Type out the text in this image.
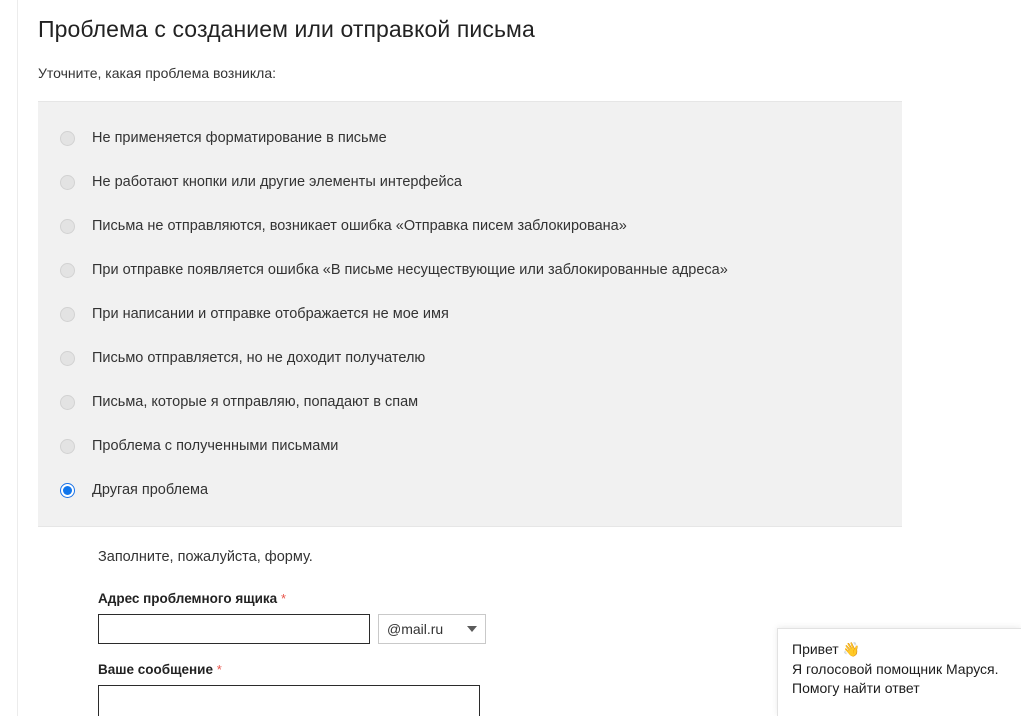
Проблема с созданием или отправкой письма
Уточните, какая проблема возникла:
Не применяется форматирование в письме
Не работают кнопки или другие элементы интерфейса
Письма не отправляются, возникает ошибка «Отправка писем заблокирована»
При отправке появляется ошибка «В письме несуществующие или заблокированные адреса»
При написании и отправке отображается не мое имя
Письмо отправляется, но не доходит получателю
Письма, которые я отправляю, попадают в спам
Проблема с полученными письмами
Другая проблема

Заполните, пожалуйста, форму.

Адрес проблемного ящика *
@mail.ru
Ваше сообщение *

Привет 👋

Я голосовой помощник Маруся.

Помогу найти ответ
